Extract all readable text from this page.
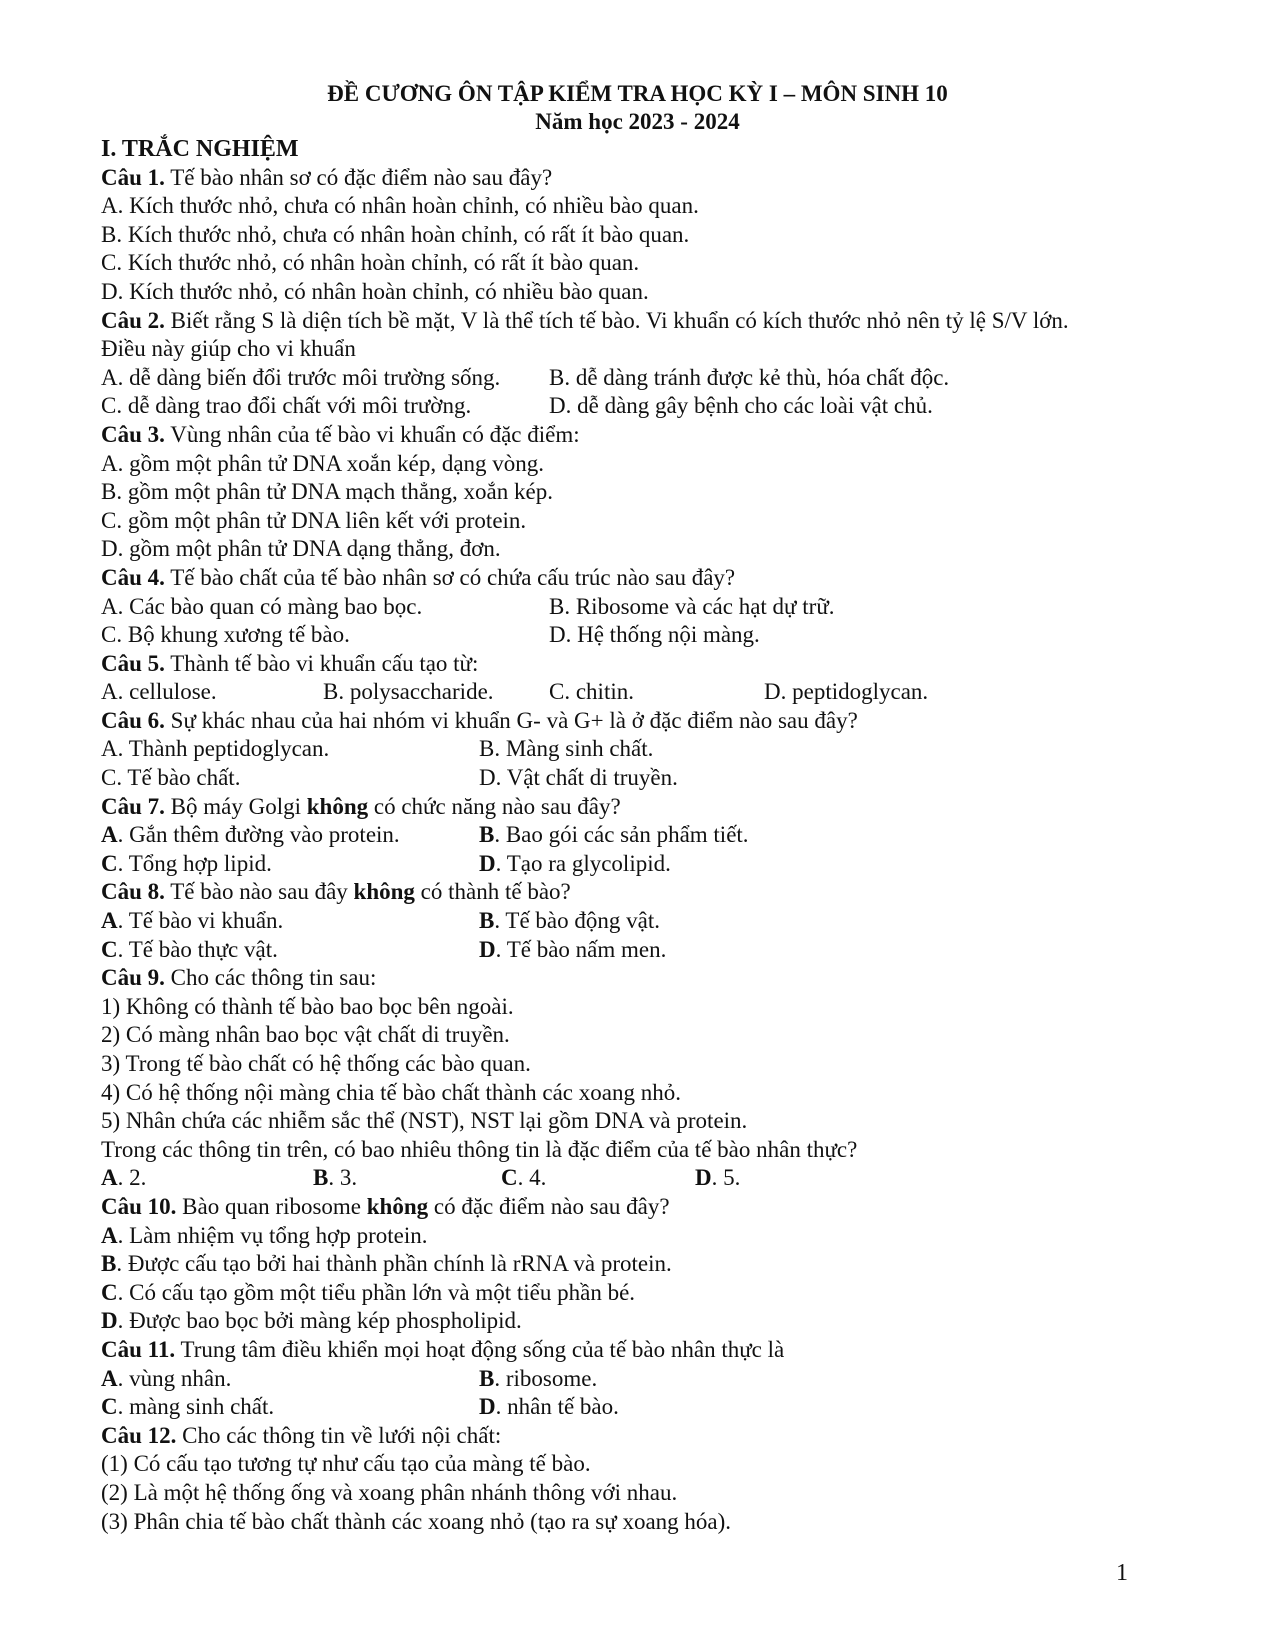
ĐỀ CƯƠNG ÔN TẬP KIỂM TRA HỌC KỲ I – MÔN SINH 10
Năm học 2023 - 2024
I. TRẮC NGHIỆM
Câu 1. Tế bào nhân sơ có đặc điểm nào sau đây?
A. Kích thước nhỏ, chưa có nhân hoàn chỉnh, có nhiều bào quan.
B. Kích thước nhỏ, chưa có nhân hoàn chỉnh, có rất ít bào quan.
C. Kích thước nhỏ, có nhân hoàn chỉnh, có rất ít bào quan.
D. Kích thước nhỏ, có nhân hoàn chỉnh, có nhiều bào quan.
Câu 2. Biết rằng S là diện tích bề mặt, V là thể tích tế bào. Vi khuẩn có kích thước nhỏ nên tỷ lệ S/V lớn.
Điều này giúp cho vi khuẩn
A. dễ dàng biến đổi trước môi trường sống. B. dễ dàng tránh được kẻ thù, hóa chất độc.
C. dễ dàng trao đổi chất với môi trường.	D. dễ dàng gây bệnh cho các loài vật chủ.
Câu 3. Vùng nhân của tế bào vi khuẩn có đặc điểm:
A. gồm một phân tử DNA xoắn kép, dạng vòng.
B. gồm một phân tử DNA mạch thẳng, xoắn kép.
C. gồm một phân tử DNA liên kết với protein.
D. gồm một phân tử DNA dạng thẳng, đơn.
Câu 4. Tế bào chất của tế bào nhân sơ có chứa cấu trúc nào sau đây?
A. Các bào quan có màng bao bọc.	B. Ribosome và các hạt dự trữ.
C. Bộ khung xương tế bào.	D. Hệ thống nội màng.
Câu 5. Thành tế bào vi khuẩn cấu tạo từ:
A. cellulose.	B. polysaccharide. C. chitin.	D. peptidoglycan.
Câu 6. Sự khác nhau của hai nhóm vi khuẩn G- và G+ là ở đặc điểm nào sau đây?
A. Thành peptidoglycan.	B. Màng sinh chất.
C. Tế bào chất.	D. Vật chất di truyền.
Câu 7. Bộ máy Golgi không có chức năng nào sau đây?
A. Gắn thêm đường vào protein.	B. Bao gói các sản phẩm tiết.
C. Tổng hợp lipid.	D. Tạo ra glycolipid.
Câu 8. Tế bào nào sau đây không có thành tế bào?
A. Tế bào vi khuẩn.	B. Tế bào động vật.
C. Tế bào thực vật.	D. Tế bào nấm men.
Câu 9. Cho các thông tin sau:
1) Không có thành tế bào bao bọc bên ngoài.
2) Có màng nhân bao bọc vật chất di truyền.
3) Trong tế bào chất có hệ thống các bào quan.
4) Có hệ thống nội màng chia tế bào chất thành các xoang nhỏ.
5) Nhân chứa các nhiễm sắc thể (NST), NST lại gồm DNA và protein.
Trong các thông tin trên, có bao nhiêu thông tin là đặc điểm của tế bào nhân thực?
A. 2.	B. 3.	C. 4.	D. 5.
Câu 10. Bào quan ribosome không có đặc điểm nào sau đây?
A. Làm nhiệm vụ tổng hợp protein.
B. Được cấu tạo bởi hai thành phần chính là rRNA và protein.
C. Có cấu tạo gồm một tiểu phần lớn và một tiểu phần bé.
D. Được bao bọc bởi màng kép phospholipid.
Câu 11. Trung tâm điều khiển mọi hoạt động sống của tế bào nhân thực là
A. vùng nhân.	B. ribosome.
C. màng sinh chất.	D. nhân tế bào.
Câu 12. Cho các thông tin về lưới nội chất:
(1) Có cấu tạo tương tự như cấu tạo của màng tế bào.
(2) Là một hệ thống ống và xoang phân nhánh thông với nhau.
(3) Phân chia tế bào chất thành các xoang nhỏ (tạo ra sự xoang hóa).
1
